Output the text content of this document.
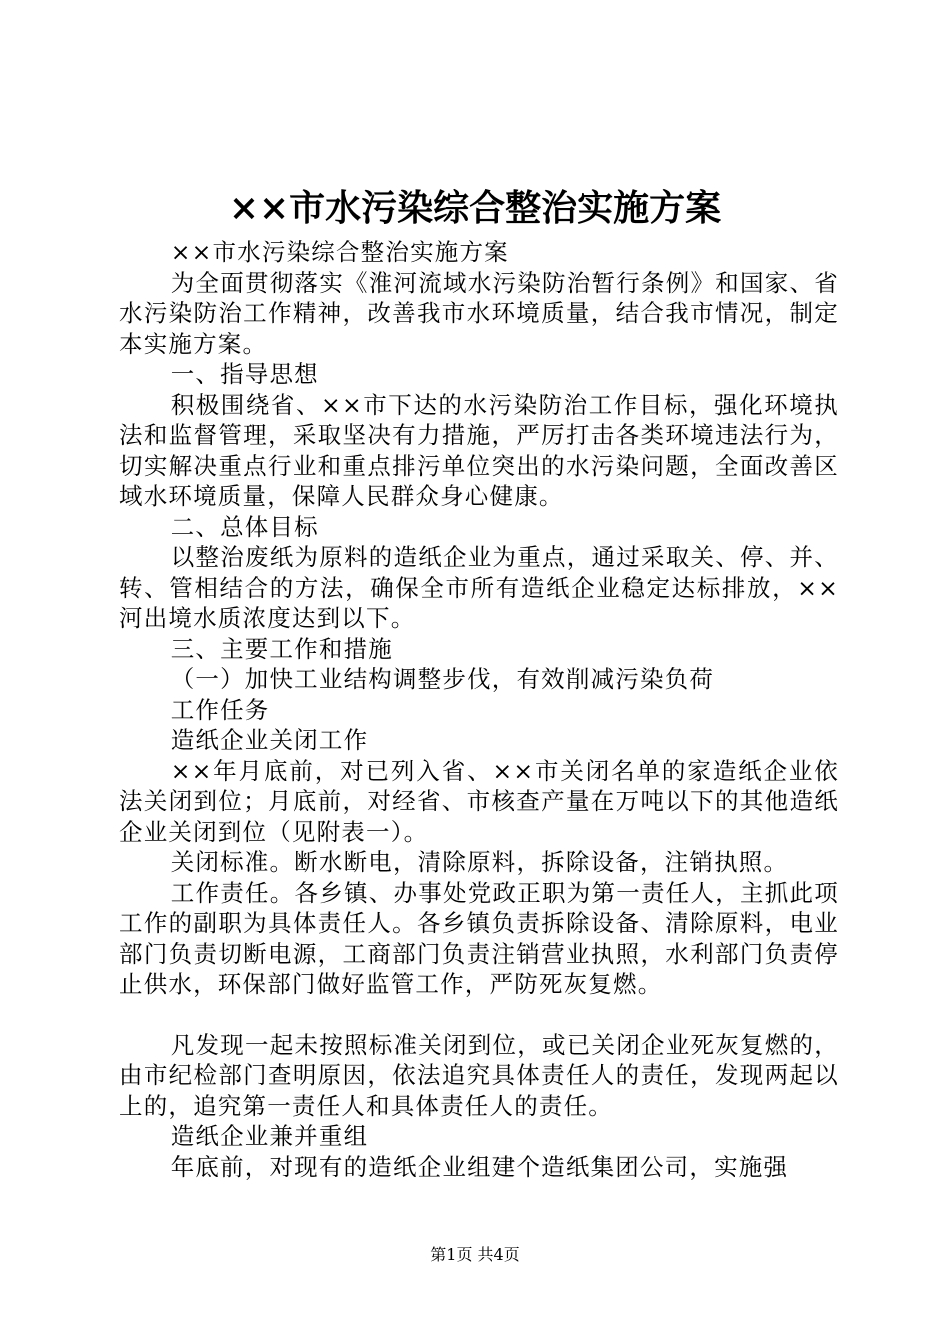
××市水污染综合整治实施方案

××市水污染综合整治实施方案

为全面贯彻落实《淮河流域水污染防治暂行条例》和国家、省水污染防治工作精神，改善我市水环境质量，结合我市情况，制定本实施方案。

一、指导思想

积极围绕省、××市下达的水污染防治工作目标，强化环境执法和监督管理，采取坚决有力措施，严厉打击各类环境违法行为，切实解决重点行业和重点排污单位突出的水污染问题，全面改善区域水环境质量，保障人民群众身心健康。

二、总体目标

以整治废纸为原料的造纸企业为重点，通过采取关、停、并、转、管相结合的方法，确保全市所有造纸企业稳定达标排放，××河出境水质浓度达到以下。

三、主要工作和措施

（一）加快工业结构调整步伐，有效削减污染负荷

工作任务

造纸企业关闭工作

××年月底前，对已列入省、××市关闭名单的家造纸企业依法关闭到位；月底前，对经省、市核查产量在万吨以下的其他造纸企业关闭到位（见附表一）。

关闭标准。断水断电，清除原料，拆除设备，注销执照。

工作责任。各乡镇、办事处党政正职为第一责任人，主抓此项工作的副职为具体责任人。各乡镇负责拆除设备、清除原料，电业部门负责切断电源，工商部门负责注销营业执照，水利部门负责停止供水，环保部门做好监管工作，严防死灰复燃。

凡发现一起未按照标准关闭到位，或已关闭企业死灰复燃的，由市纪检部门查明原因，依法追究具体责任人的责任，发现两起以上的，追究第一责任人和具体责任人的责任。

造纸企业兼并重组

年底前，对现有的造纸企业组建个造纸集团公司，实施强

第1页 共4页
